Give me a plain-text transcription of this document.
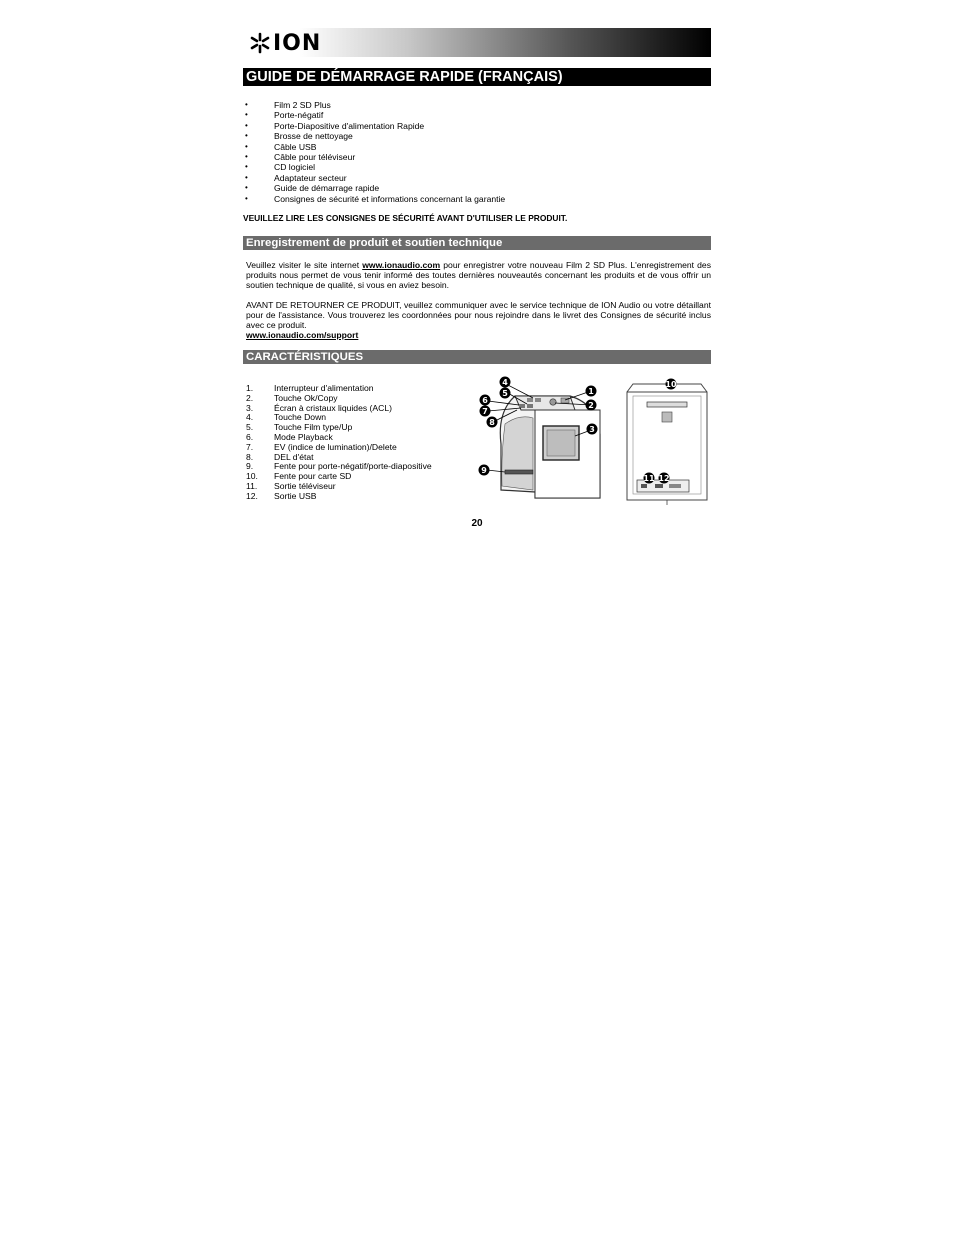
ION
GUIDE DE DÉMARRAGE RAPIDE (FRANÇAIS)
•	Film 2 SD Plus
•	Porte-négatif
•	Porte-Diapositive d'alimentation Rapide
•	Brosse de nettoyage
•	Câble USB
•	Câble pour téléviseur
•	CD logiciel
•	Adaptateur secteur
•	Guide de démarrage rapide
•	Consignes de sécurité et informations concernant la garantie
VEUILLEZ LIRE LES CONSIGNES DE SÉCURITÉ AVANT D'UTILISER LE PRODUIT.
Enregistrement de produit et soutien technique

Veuillez visiter le site internet www.ionaudio.com pour enregistrer votre nouveau Film 2 SD Plus. L'enregistrement des produits nous permet de vous tenir informé des toutes dernières nouveautés concernant les produits et de vous offrir un soutien technique de qualité, si vous en aviez besoin.

AVANT DE RETOURNER CE PRODUIT, veuillez communiquer avec le service technique de ION Audio ou votre détaillant pour de l'assistance. Vous trouverez les coordonnées pour nous rejoindre dans le livret des Consignes de sécurité inclus avec ce produit.

www.ionaudio.com/support

CARACTÉRISTIQUES
1. Interrupteur d'alimentation
2. Touche Ok/Copy
3. Écran à cristaux liquides (ACL)
4. Touche Down
5. Touche Film type/Up
6. Mode Playback
7. EV (indice de lumination)/Delete
8. DEL d'état
9. Fente pour porte-négatif/porte-diapositive
10. Fente pour carte SD
11. Sortie téléviseur
12. Sortie USB
4
5	1
2
3
6
7
8
9
10
11 12
20
